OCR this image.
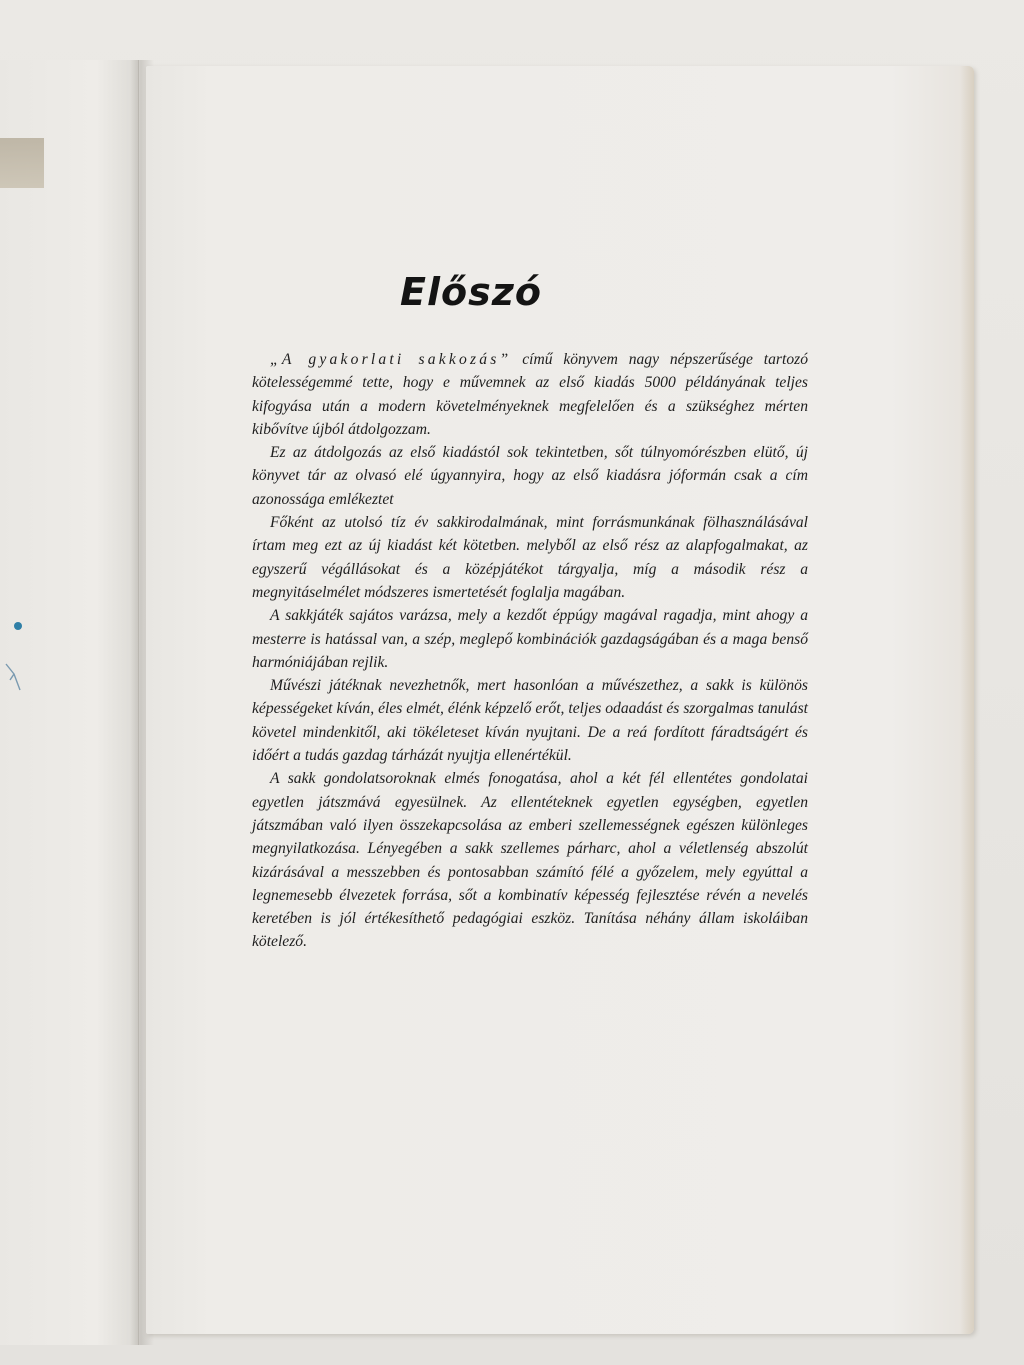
Előszó

„A gyakorlati sakkozás” című könyvem nagy népszerűsége tartozó kötelességemmé tette, hogy e művemnek az első kiadás 5000 példányának teljes kifogyása után a modern követelményeknek megfelelően és a szükséghez mérten kibővítve újból átdolgozzam.

Ez az átdolgozás az első kiadástól sok tekintetben, sőt túlnyomórészben elütő, új könyvet tár az olvasó elé úgyannyira, hogy az első kiadásra jóformán csak a cím azonossága emlékeztet

Főként az utolsó tíz év sakkirodalmának, mint forrásmunkának fölhasználásával írtam meg ezt az új kiadást két kötetben. melyből az első rész az alapfogalmakat, az egyszerű végállásokat és a középjátékot tárgyalja, míg a második rész a megnyitáselmélet módszeres ismertetését foglalja magában.

A sakkjáték sajátos varázsa, mely a kezdőt éppúgy magával ragadja, mint ahogy a mesterre is hatással van, a szép, meglepő kombinációk gazdagságában és a maga benső harmóniájában rejlik.

Művészi játéknak nevezhetnők, mert hasonlóan a művészethez, a sakk is különös képességeket kíván, éles elmét, élénk képzelő erőt, teljes odaadást és szorgalmas tanulást követel mindenkitől, aki tökéleteset kíván nyujtani. De a reá fordított fáradtságért és időért a tudás gazdag tárházát nyujtja ellenértékül.

A sakk gondolatsoroknak elmés fonogatása, ahol a két fél ellentétes gondolatai egyetlen játszmává egyesülnek. Az ellentéteknek egyetlen egységben, egyetlen játszmában való ilyen összekapcsolása az emberi szellemességnek egészen különleges megnyilatkozása. Lényegében a sakk szellemes párharc, ahol a véletlenség abszolút kizárásával a messzebben és pontosabban számító félé a győzelem, mely egyúttal a legnemesebb élvezetek forrása, sőt a kombinatív képesség fejlesztése révén a nevelés keretében is jól értékesíthető pedagógiai eszköz. Tanítása néhány állam iskoláiban kötelező.
